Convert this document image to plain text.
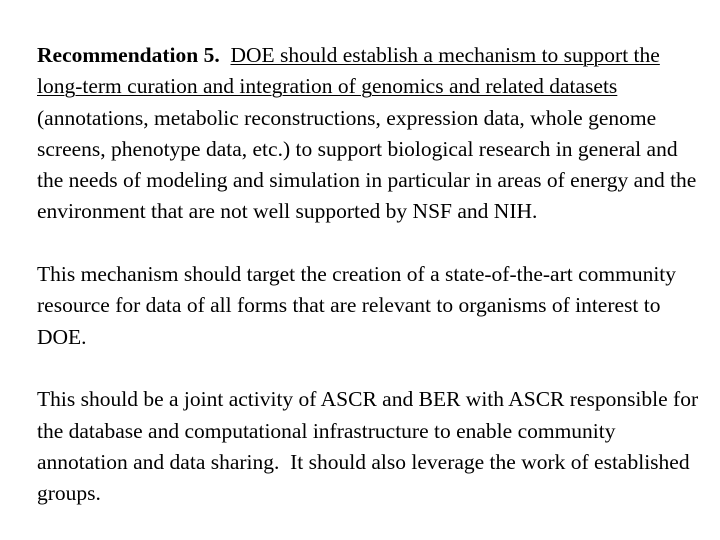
Recommendation 5. DOE should establish a mechanism to support the long-term curation and integration of genomics and related datasets (annotations, metabolic reconstructions, expression data, whole genome screens, phenotype data, etc.) to support biological research in general and the needs of modeling and simulation in particular in areas of energy and the environment that are not well supported by NSF and NIH.

This mechanism should target the creation of a state-of-the-art community resource for data of all forms that are relevant to organisms of interest to DOE.

This should be a joint activity of ASCR and BER with ASCR responsible for the database and computational infrastructure to enable community annotation and data sharing.  It should also leverage the work of established groups.
